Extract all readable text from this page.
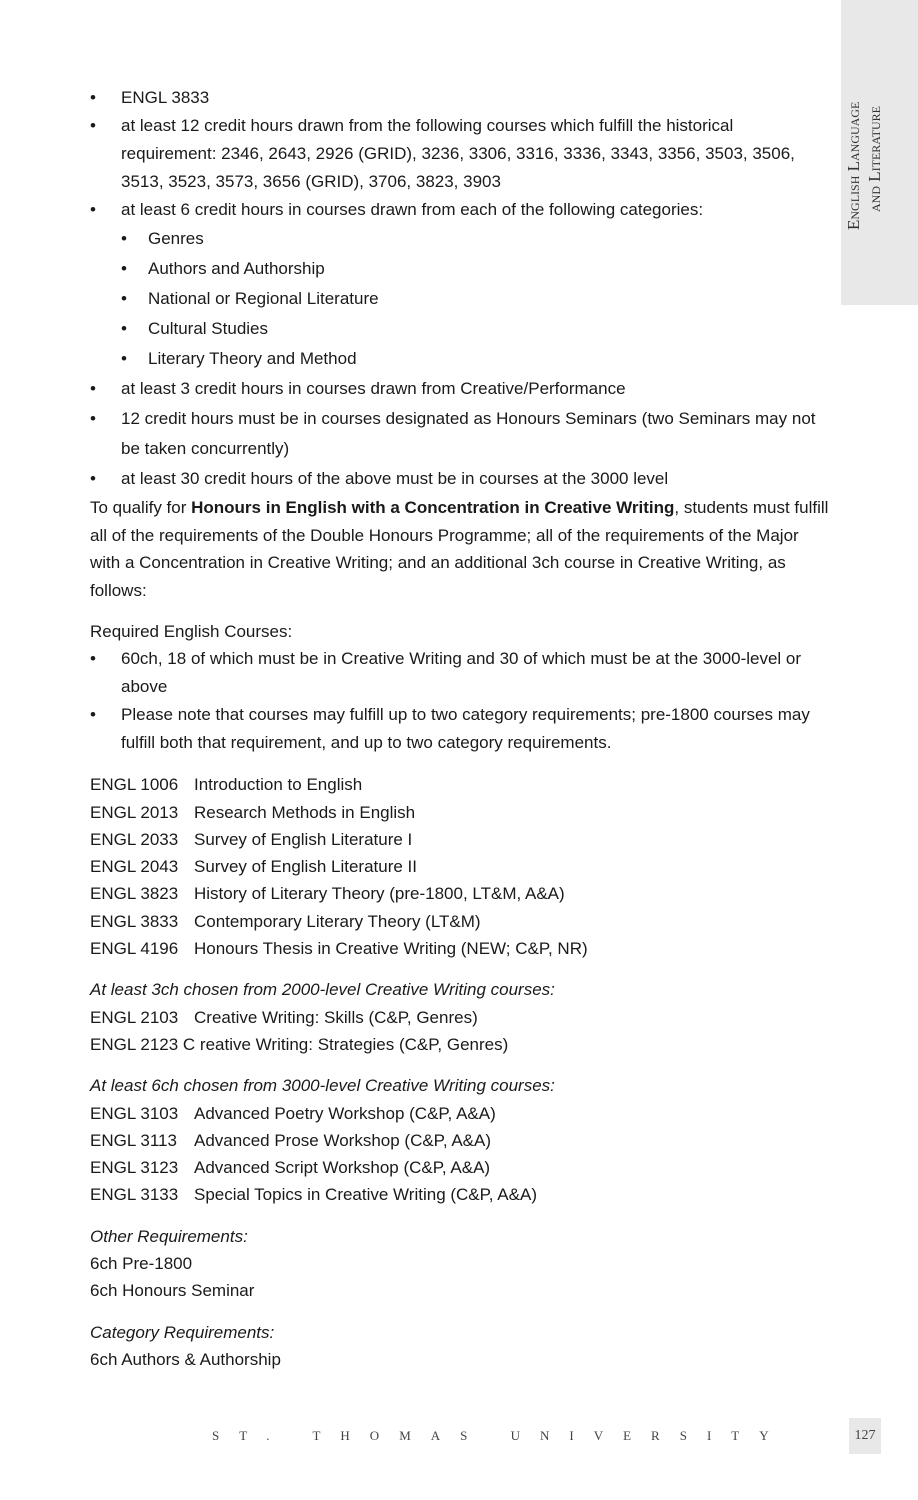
English Language and Literature
• ENGL 3833
• at least 12 credit hours drawn from the following courses which fulfill the historical requirement: 2346, 2643, 2926 (GRID), 3236, 3306, 3316, 3336, 3343, 3356, 3503, 3506, 3513, 3523, 3573, 3656 (GRID), 3706, 3823, 3903
• at least 6 credit hours in courses drawn from each of the following categories:
• Genres
• Authors and Authorship
• National or Regional Literature
• Cultural Studies
• Literary Theory and Method
• at least 3 credit hours in courses drawn from Creative/Performance
• 12 credit hours must be in courses designated as Honours Seminars (two Seminars may not be taken concurrently)
• at least 30 credit hours of the above must be in courses at the 3000 level

To qualify for Honours in English with a Concentration in Creative Writing, students must fulfill all of the requirements of the Double Honours Programme; all of the requirements of the Major with a Concentration in Creative Writing; and an additional 3ch course in Creative Writing, as follows:

Required English Courses:
• 60ch, 18 of which must be in Creative Writing and 30 of which must be at the 3000-level or above
• Please note that courses may fulfill up to two category requirements; pre-1800 courses may fulfill both that requirement, and up to two category requirements.
ENGL 1006 Introduction to English
ENGL 2013 Research Methods in English
ENGL 2033 Survey of English Literature I
ENGL 2043 Survey of English Literature II
ENGL 3823 History of Literary Theory (pre-1800, LT&M, A&A)
ENGL 3833 Contemporary Literary Theory (LT&M)
ENGL 4196 Honours Thesis in Creative Writing (NEW; C&P, NR)
At least 3ch chosen from 2000-level Creative Writing courses:
ENGL 2103 Creative Writing: Skills (C&P, Genres)
ENGL 2123 C reative Writing: Strategies (C&P, Genres)
At least 6ch chosen from 3000-level Creative Writing courses:
ENGL 3103 Advanced Poetry Workshop (C&P, A&A)
ENGL 3113	Advanced Prose Workshop (C&P, A&A)
ENGL 3123 Advanced Script Workshop (C&P, A&A)
ENGL 3133 Special Topics in Creative Writing (C&P, A&A)
Other Requirements:
6ch Pre-1800
6ch Honours Seminar
Category Requirements:
6ch Authors & Authorship
ST. THOMAS UNIVERSITY	127
